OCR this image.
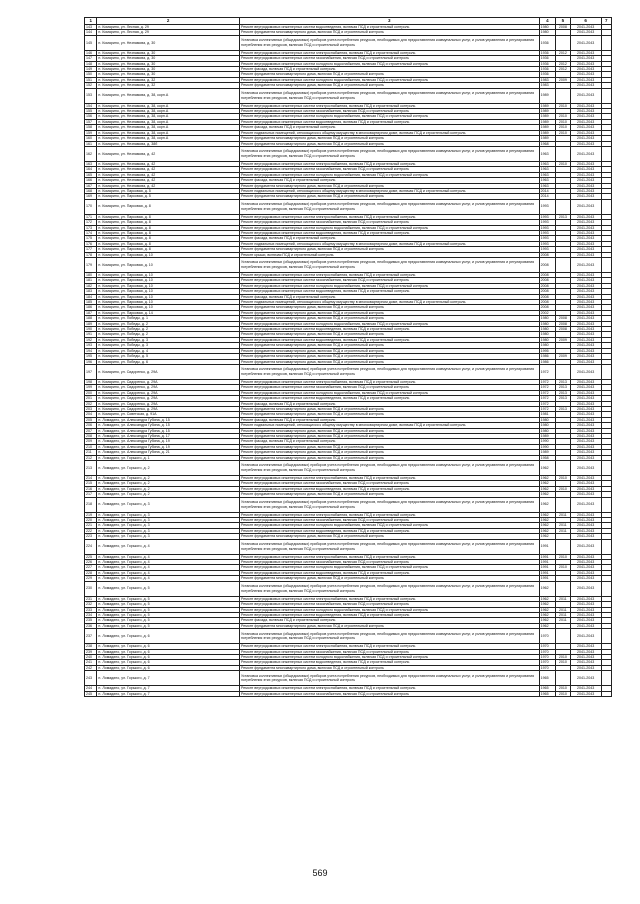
1	2	3	4	5	6	7
143	п. Комарино, ул. Лесная, д. 29	Ремонт внутридомовых инженерных систем водоотведения, включая ПСД и строительный контроль	1980	2008	2041-2043	
144	п. Комарино, ул. Лесная, д. 29	Ремонт фундамента многоквартирного дома, включая ПСД и строительный контроль	1980		2041-2043	
145	п. Комарино, ул. Незнамова, д. 30	Установка коллективных (общедомовых) приборов учета потребления ресурсов, необходимых для предоставления коммунальных услуг, и узлов управления и регулирования потребления этих ресурсов, включая ПСД и строительный контроль	1936		2041-2043	
146	п. Комарино, ул. Незнамова, д. 30	Ремонт внутридомовых инженерных систем электроснабжения, включая ПСД и строительный контроль	1936	2012	2041-2043	
147	п. Комарино, ул. Незнамова, д. 30	Ремонт внутридомовых инженерных систем газоснабжения, включая ПСД и строительный контроль	1936		2041-2043	
148	п. Комарино, ул. Незнамова, д. 30	Ремонт внутридомовых инженерных систем холодного водоснабжения, включая ПСД и строительный контроль	1936	2012	2041-2043	
149	п. Комарино, ул. Незнамова, д. 30	Ремонт фасада, включая ПСД и строительный контроль	1936	2012	2041-2043	
150	п. Комарино, ул. Незнамова, д. 30	Ремонт фундамента многоквартирного дома, включая ПСД и строительный контроль	1936		2041-2043	
151	п. Комарино, ул. Незнамова, д. 32	Ремонт внутридомовых инженерных систем холодного водоснабжения, включая ПСД и строительный контроль	1983	2009	2041-2043	
152	п. Комарино, ул. Незнамова, д. 32	Ремонт фундамента многоквартирного дома, включая ПСД и строительный контроль	1983		2041-2043	
153	п. Комарино, ул. Незнамова, д. 38, корп.А	Установка коллективных (общедомовых) приборов учета потребления ресурсов, необходимых для предоставления коммунальных услуг, и узлов управления и регулирования потребления этих ресурсов, включая ПСД и строительный контроль	1989		2041-2043	
154	п. Комарино, ул. Незнамова, д. 38, корп.А	Ремонт внутридомовых инженерных систем электроснабжения, включая ПСД и строительный контроль	1989	2010	2041-2043	
155	п. Комарино, ул. Незнамова, д. 38, корп.А	Ремонт внутридомовых инженерных систем газоснабжения, включая ПСД и строительный контроль	1989		2041-2043	
156	п. Комарино, ул. Незнамова, д. 38, корп.А	Ремонт внутридомовых инженерных систем холодного водоснабжения, включая ПСД и строительный контроль	1989	2010	2041-2043	
157	п. Комарино, ул. Незнамова, д. 38, корп.А	Ремонт внутридомовых инженерных систем водоотведения, включая ПСД и строительный контроль	1989	2010	2041-2043	
158	п. Комарино, ул. Незнамова, д. 38, корп.А	Ремонт фасада, включая ПСД и строительный контроль	1989	2010	2041-2043	
159	п. Комарино, ул. Незнамова, д. 38, корп.А	Ремонт подвальных помещений, относящихся к общему имуществу в многоквартирном доме, включая ПСД и строительный контроль	1989	2010	2041-2043	
160	п. Комарино, ул. Незнамова, д. 38, корп.А	Ремонт фундамента многоквартирного дома, включая ПСД и строительный контроль	1989		2041-2043	
161	п. Комарино, ул. Незнамова, д. 38б	Ремонт фундамента многоквартирного дома, включая ПСД и строительный контроль	1968		2041-2043	
162	п. Комарино, ул. Незнамова, д. 42	Установка коллективных (общедомовых) приборов учета потребления ресурсов, необходимых для предоставления коммунальных услуг, и узлов управления и регулирования потребления этих ресурсов, включая ПСД и строительный контроль	1963		2041-2043	
163	п. Комарино, ул. Незнамова, д. 42	Ремонт внутридомовых инженерных систем электроснабжения, включая ПСД и строительный контроль	1963	2010	2041-2043	
164	п. Комарино, ул. Незнамова, д. 42	Ремонт внутридомовых инженерных систем газоснабжения, включая ПСД и строительный контроль	1963		2041-2043	
165	п. Комарино, ул. Незнамова, д. 42	Ремонт внутридомовых инженерных систем холодного водоснабжения, включая ПСД и строительный контроль	1963		2041-2043	
166	п. Комарино, ул. Незнамова, д. 42	Ремонт фасада, включая ПСД и строительный контроль	1963		2041-2043	
167	п. Комарино, ул. Незнамова, д. 42	Ремонт фундамента многоквартирного дома, включая ПСД и строительный контроль	1963		2041-2043	
168	п. Комарино, ул. Парковая, д. 5	Ремонт подвальных помещений, относящихся к общему имуществу в многоквартирном доме, включая ПСД и строительный контроль	2014		2041-2043	
169	п. Комарино, ул. Парковая, д. 5	Ремонт фундамента многоквартирного дома, включая ПСД и строительный контроль	2014		2041-2043	
170	п. Комарино, ул. Парковая, д. 8	Установка коллективных (общедомовых) приборов учета потребления ресурсов, необходимых для предоставления коммунальных услуг, и узлов управления и регулирования потребления этих ресурсов, включая ПСД и строительный контроль	1993		2041-2043	
171	п. Комарино, ул. Парковая, д. 8	Ремонт внутридомовых инженерных систем электроснабжения, включая ПСД и строительный контроль	1993	2013	2041-2043	
172	п. Комарино, ул. Парковая, д. 8	Ремонт внутридомовых инженерных систем газоснабжения, включая ПСД и строительный контроль	1993		2041-2043	
173	п. Комарино, ул. Парковая, д. 8	Ремонт внутридомовых инженерных систем холодного водоснабжения, включая ПСД и строительный контроль	1993		2041-2043	
174	п. Комарино, ул. Парковая, д. 8	Ремонт внутридомовых инженерных систем водоотведения, включая ПСД и строительный контроль	1993		2041-2043	
175	п. Комарино, ул. Парковая, д. 8	Ремонт фасада, включая ПСД и строительный контроль	1993		2041-2043	
176	п. Комарино, ул. Парковая, д. 8	Ремонт подвальных помещений, относящихся к общему имуществу в многоквартирном доме, включая ПСД и строительный контроль	1993		2041-2043	
177	п. Комарино, ул. Парковая, д. 8	Ремонт фундамента многоквартирного дома, включая ПСД и строительный контроль	1993		2041-2043	
178	п. Комарино, ул. Парковая, д. 10	Ремонт крыши, включая ПСД и строительный контроль	2008		2041-2043	
179	п. Комарино, ул. Парковая, д. 10	Установка коллективных (общедомовых) приборов учета потребления ресурсов, необходимых для предоставления коммунальных услуг, и узлов управления и регулирования потребления этих ресурсов, включая ПСД и строительный контроль	2008		2041-2043	
180	п. Комарино, ул. Парковая, д. 10	Ремонт внутридомовых инженерных систем электроснабжения, включая ПСД и строительный контроль	2008		2041-2043	
181	п. Комарино, ул. Парковая, д. 10	Ремонт внутридомовых инженерных систем газоснабжения, включая ПСД и строительный контроль	2008		2041-2043	
182	п. Комарино, ул. Парковая, д. 10	Ремонт внутридомовых инженерных систем холодного водоснабжения, включая ПСД и строительный контроль	2008		2041-2043	
183	п. Комарино, ул. Парковая, д. 10	Ремонт внутридомовых инженерных систем водоотведения, включая ПСД и строительный контроль	2008		2041-2043	
184	п. Комарино, ул. Парковая, д. 10	Ремонт фасада, включая ПСД и строительный контроль	2008		2041-2043	
185	п. Комарино, ул. Парковая, д. 10	Ремонт подвальных помещений, относящихся к общему имуществу в многоквартирном доме, включая ПСД и строительный контроль	2008		2041-2043	
186	п. Комарино, ул. Парковая, д. 10	Ремонт фундамента многоквартирного дома, включая ПСД и строительный контроль	2008		2041-2043	
187	п. Комарино, ул. Парковая, д. 14	Ремонт фундамента многоквартирного дома, включая ПСД и строительный контроль	2002		2041-2043	
188	п. Комарино, ул. Победы, д. 1	Ремонт фундамента многоквартирного дома, включая ПСД и строительный контроль	1980	2008	2041-2043	
189	п. Комарино, ул. Победы, д. 2	Ремонт внутридомовых инженерных систем холодного водоснабжения, включая ПСД и строительный контроль	1980	2008	2041-2043	
190	п. Комарино, ул. Победы, д. 2	Ремонт внутридомовых инженерных систем водоотведения, включая ПСД и строительный контроль	1980	2008	2041-2043	
191	п. Комарино, ул. Победы, д. 2	Ремонт фундамента многоквартирного дома, включая ПСД и строительный контроль	1980		2041-2043	
192	п. Комарино, ул. Победы, д. 3	Ремонт внутридомовых инженерных систем водоотведения, включая ПСД и строительный контроль	1980	2009	2041-2043	
193	п. Комарино, ул. Победы, д. 3	Ремонт фундамента многоквартирного дома, включая ПСД и строительный контроль	1980		2041-2043	
194	п. Комарино, ул. Победы, д. 4	Ремонт фундамента многоквартирного дома, включая ПСД и строительный контроль	1995		2041-2043	
195	п. Комарино, ул. Победы, д. 5	Ремонт фундамента многоквартирного дома, включая ПСД и строительный контроль	1986	2009	2041-2043	
196	п. Комарино, ул. Победы, д. 6	Ремонт фундамента многоквартирного дома, включая ПСД и строительный контроль	1986		2041-2043	
197	п. Комарино, ул. Сидоренко, д. 29А	Установка коллективных (общедомовых) приборов учета потребления ресурсов, необходимых для предоставления коммунальных услуг, и узлов управления и регулирования потребления этих ресурсов, включая ПСД и строительный контроль	1972		2041-2043	
198	п. Комарино, ул. Сидоренко, д. 29А	Ремонт внутридомовых инженерных систем электроснабжения, включая ПСД и строительный контроль	1972	2013	2041-2043	
199	п. Комарино, ул. Сидоренко, д. 29А	Ремонт внутридомовых инженерных систем газоснабжения, включая ПСД и строительный контроль	1972	2013	2041-2043	
200	п. Комарино, ул. Сидоренко, д. 29А	Ремонт внутридомовых инженерных систем холодного водоснабжения, включая ПСД и строительный контроль	1972	2013	2041-2043	
201	п. Комарино, ул. Сидоренко, д. 29А	Ремонт внутридомовых инженерных систем водоотведения, включая ПСД и строительный контроль	1972	2013	2041-2043	
202	п. Комарино, ул. Сидоренко, д. 29А	Ремонт фасада, включая ПСД и строительный контроль	1972		2041-2043	
203	п. Комарино, ул. Сидоренко, д. 29А	Ремонт фундамента многоквартирного дома, включая ПСД и строительный контроль	1972	2013	2041-2043	
204	п. Комарино, ул. Советская, д. 91А	Ремонт фундамента многоквартирного дома, включая ПСД и строительный контроль	1981		2041-2043	
205	п. Ломадино, ул. Александра Губина, д. 15	Ремонт фасада, включая ПСД и строительный контроль	1980		2041-2043	
206	п. Ломадино, ул. Александра Губина, д. 15	Ремонт подвальных помещений, относящихся к общему имуществу в многоквартирном доме, включая ПСД и строительный контроль	1980		2041-2043	
207	п. Ломадино, ул. Александра Губина, д. 15	Ремонт фундамента многоквартирного дома, включая ПСД и строительный контроль	1980		2041-2043	
208	п. Ломадино, ул. Александра Губина, д. 17	Ремонт фундамента многоквартирного дома, включая ПСД и строительный контроль	1989		2041-2043	
209	п. Ломадино, ул. Александра Губина, д. 19	Ремонт фасада, включая ПСД и строительный контроль	1990		2041-2043	
210	п. Ломадино, ул. Александра Губина, д. 19	Ремонт фундамента многоквартирного дома, включая ПСД и строительный контроль	1990		2041-2043	
211	п. Ломадино, ул. Александра Губина, д. 21	Ремонт фундамента многоквартирного дома, включая ПСД и строительный контроль	1989		2041-2043	
212	п. Ломадино, ул. Горького, д. 1	Ремонт фундамента многоквартирного дома, включая ПСД и строительный контроль	1958		2041-2043	
213	п. Ломадино, ул. Горького, д. 2	Установка коллективных (общедомовых) приборов учета потребления ресурсов, необходимых для предоставления коммунальных услуг, и узлов управления и регулирования потребления этих ресурсов, включая ПСД и строительный контроль	1962		2041-2043	
214	п. Ломадино, ул. Горького, д. 2	Ремонт внутридомовых инженерных систем электроснабжения, включая ПСД и строительный контроль	1962	2010	2041-2043	
215	п. Ломадино, ул. Горького, д. 2	Ремонт внутридомовых инженерных систем газоснабжения, включая ПСД и строительный контроль	1962		2041-2043	
216	п. Ломадино, ул. Горького, д. 2	Ремонт внутридомовых инженерных систем водоотведения, включая ПСД и строительный контроль	1962	2010	2041-2043	
217	п. Ломадино, ул. Горького, д. 2	Ремонт фундамента многоквартирного дома, включая ПСД и строительный контроль	1962		2041-2043	
218	п. Ломадино, ул. Горького, д. 3	Установка коллективных (общедомовых) приборов учета потребления ресурсов, необходимых для предоставления коммунальных услуг, и узлов управления и регулирования потребления этих ресурсов, включая ПСД и строительный контроль	1962		2041-2043	
219	п. Ломадино, ул. Горького, д. 3	Ремонт внутридомовых инженерных систем электроснабжения, включая ПСД и строительный контроль	1962	2011	2041-2043	
220	п. Ломадино, ул. Горького, д. 3	Ремонт внутридомовых инженерных систем газоснабжения, включая ПСД и строительный контроль	1962		2041-2043	
221	п. Ломадино, ул. Горького, д. 3	Ремонт внутридомовых инженерных систем холодного водоснабжения, включая ПСД и строительный контроль	1962	2011	2041-2043	
222	п. Ломадино, ул. Горького, д. 3	Ремонт внутридомовых инженерных систем водоотведения, включая ПСД и строительный контроль	1962	2011	2041-2043	
223	п. Ломадино, ул. Горького, д. 3	Ремонт фундамента многоквартирного дома, включая ПСД и строительный контроль	1962		2041-2043	
224	п. Ломадино, ул. Горького, д. 4	Установка коллективных (общедомовых) приборов учета потребления ресурсов, необходимых для предоставления коммунальных услуг, и узлов управления и регулирования потребления этих ресурсов, включая ПСД и строительный контроль	1991		2041-2043	
225	п. Ломадино, ул. Горького, д. 4	Ремонт внутридомовых инженерных систем электроснабжения, включая ПСД и строительный контроль	1991	2010	2041-2043	
226	п. Ломадино, ул. Горького, д. 4	Ремонт внутридомовых инженерных систем газоснабжения, включая ПСД и строительный контроль	1991		2041-2043	
227	п. Ломадино, ул. Горького, д. 4	Ремонт внутридомовых инженерных систем холодного водоснабжения, включая ПСД и строительный контроль	1991	2010	2041-2043	
228	п. Ломадино, ул. Горького, д. 4	Ремонт внутридомовых инженерных систем водоотведения, включая ПСД и строительный контроль	1991		2041-2043	
229	п. Ломадино, ул. Горького, д. 4	Ремонт фундамента многоквартирного дома, включая ПСД и строительный контроль	1991		2041-2043	
230	п. Ломадино, ул. Горького, д. 5	Установка коллективных (общедомовых) приборов учета потребления ресурсов, необходимых для предоставления коммунальных услуг, и узлов управления и регулирования потребления этих ресурсов, включая ПСД и строительный контроль	1962		2041-2043	
231	п. Ломадино, ул. Горького, д. 5	Ремонт внутридомовых инженерных систем электроснабжения, включая ПСД и строительный контроль	1962	2011	2041-2043	
232	п. Ломадино, ул. Горького, д. 5	Ремонт внутридомовых инженерных систем газоснабжения, включая ПСД и строительный контроль	1962		2041-2043	
233	п. Ломадино, ул. Горького, д. 5	Ремонт внутридомовых инженерных систем холодного водоснабжения, включая ПСД и строительный контроль	1962	2011	2041-2043	
234	п. Ломадино, ул. Горького, д. 5	Ремонт внутридомовых инженерных систем водоотведения, включая ПСД и строительный контроль	1962	2011	2041-2043	
235	п. Ломадино, ул. Горького, д. 5	Ремонт фасада, включая ПСД и строительный контроль	1962	2011	2041-2043	
236	п. Ломадино, ул. Горького, д. 5	Ремонт фундамента многоквартирного дома, включая ПСД и строительный контроль	1962		2041-2043	
237	п. Ломадино, ул. Горького, д. 6	Установка коллективных (общедомовых) приборов учета потребления ресурсов, необходимых для предоставления коммунальных услуг, и узлов управления и регулирования потребления этих ресурсов, включая ПСД и строительный контроль	1970		2041-2043	
238	п. Ломадино, ул. Горького, д. 6	Ремонт внутридомовых инженерных систем электроснабжения, включая ПСД и строительный контроль	1970		2041-2043	
239	п. Ломадино, ул. Горького, д. 6	Ремонт внутридомовых инженерных систем газоснабжения, включая ПСД и строительный контроль	1970		2041-2043	
240	п. Ломадино, ул. Горького, д. 6	Ремонт внутридомовых инженерных систем холодного водоснабжения, включая ПСД и строительный контроль	1970	2010	2041-2043	
241	п. Ломадино, ул. Горького, д. 6	Ремонт внутридомовых инженерных систем водоотведения, включая ПСД и строительный контроль	1970	2010	2041-2043	
242	п. Ломадино, ул. Горького, д. 6	Ремонт фундамента многоквартирного дома, включая ПСД и строительный контроль	1970		2041-2043	
243	п. Ломадино, ул. Горького, д. 7	Установка коллективных (общедомовых) приборов учета потребления ресурсов, необходимых для предоставления коммунальных услуг, и узлов управления и регулирования потребления этих ресурсов, включая ПСД и строительный контроль	1965		2041-2043	
244	п. Ломадино, ул. Горького, д. 7	Ремонт внутридомовых инженерных систем электроснабжения, включая ПСД и строительный контроль	1965	2010	2041-2043	
245	п. Ломадино, ул. Горького, д. 7	Ремонт внутридомовых инженерных систем газоснабжения, включая ПСД и строительный контроль	1965	2010	2041-2043	
569
